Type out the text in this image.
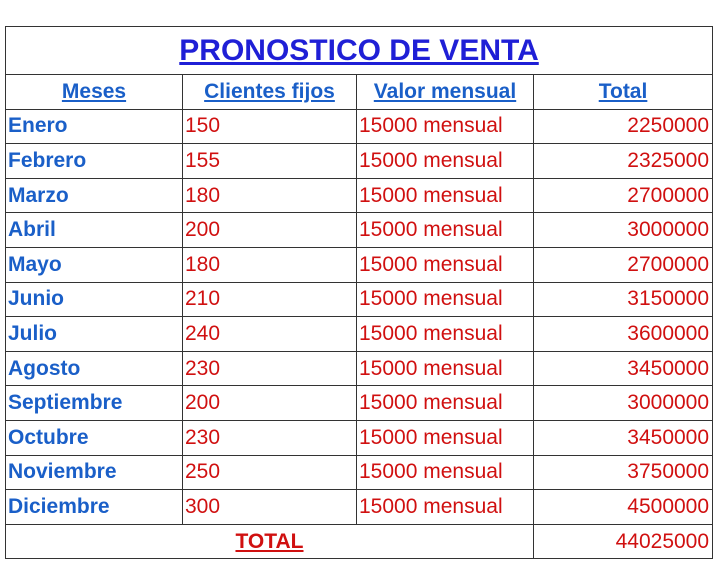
PRONOSTICO DE VENTA			
Meses	Clientes fijos	Valor mensual	Total
Enero	150	15000 mensual	2250000
Febrero	155	15000 mensual	2325000
Marzo	180	15000 mensual	2700000
Abril	200	15000 mensual	3000000
Mayo	180	15000 mensual	2700000
Junio	210	15000 mensual	3150000
Julio	240	15000 mensual	3600000
Agosto	230	15000 mensual	3450000
Septiembre	200	15000 mensual	3000000
Octubre	230	15000 mensual	3450000
Noviembre	250	15000 mensual	3750000
Diciembre	300	15000 mensual	4500000
TOTAL			44025000
